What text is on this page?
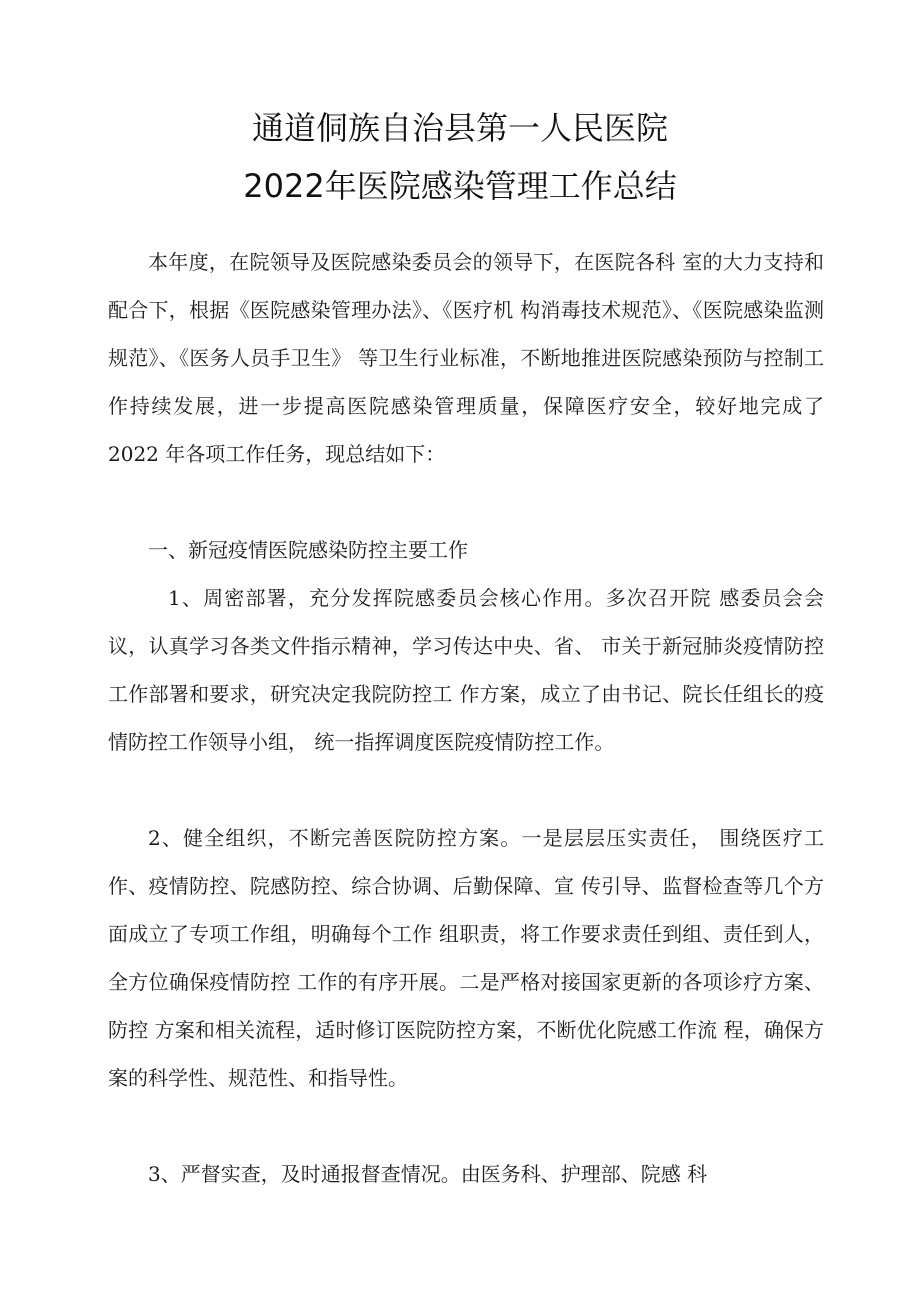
通道侗族自治县第一人民医院
2022年医院感染管理工作总结

本年度，在院领导及医院感染委员会的领导下，在医院各科 室的大力支持和配合下，根据《医院感染管理办法》、《医疗机 构消毒技术规范》、《医院感染监测规范》、《医务人员手卫生》 等卫生行业标准，不断地推进医院感染预防与控制工作持续发展，进一步提高医院感染管理质量，保障医疗安全，较好地完成了 2022 年各项工作任务，现总结如下：

一、新冠疫情医院感染防控主要工作

1、周密部署，充分发挥院感委员会核心作用。多次召开院 感委员会会议，认真学习各类文件指示精神，学习传达中央、省、 市关于新冠肺炎疫情防控工作部署和要求，研究决定我院防控工 作方案，成立了由书记、院长任组长的疫情防控工作领导小组， 统一指挥调度医院疫情防控工作。

2、健全组织，不断完善医院防控方案。一是层层压实责任， 围绕医疗工作、疫情防控、院感防控、综合协调、后勤保障、宣 传引导、监督检查等几个方面成立了专项工作组，明确每个工作 组职责，将工作要求责任到组、责任到人，全方位确保疫情防控 工作的有序开展。二是严格对接国家更新的各项诊疗方案、防控 方案和相关流程，适时修订医院防控方案，不断优化院感工作流 程，确保方案的科学性、规范性、和指导性。

3、严督实查，及时通报督查情况。由医务科、护理部、院感 科
